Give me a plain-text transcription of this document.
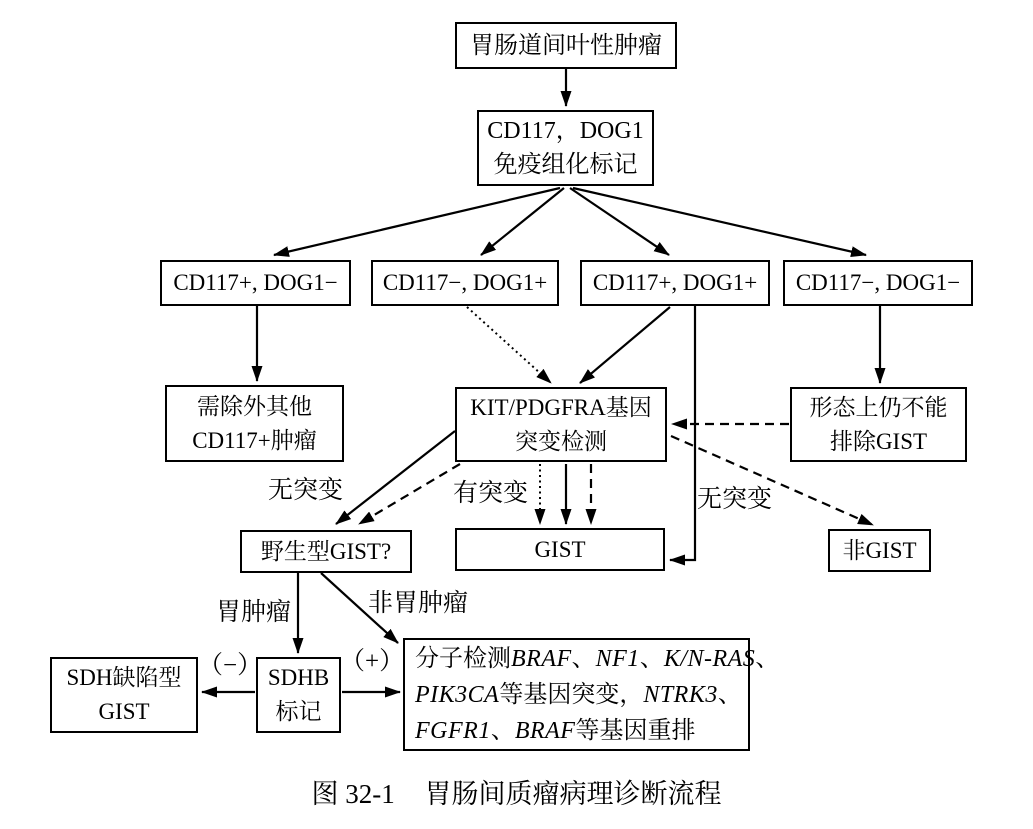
胃肠道间叶性肿瘤
CD117，DOG1
免疫组化标记
CD117+, DOG1− CD117−, DOG1+ CD117+, DOG1+ CD117−, DOG1−
需除外其他
CD117+肿瘤
KIT/PDGFRA基因
突变检测
形态上仍不能
排除GIST
野生型GIST?	GIST	非GIST
SDH缺陷型
GIST
SDHB
标记
分子检测BRAF、NF1、K/N-RAS、
PIK3CA等基因突变，NTRK3、
FGFR1、BRAF等基因重排
无突变	有突变	无突变
胃肿瘤	非胃肿瘤
（−）	（+）
图 32-1 胃肠间质瘤病理诊断流程
